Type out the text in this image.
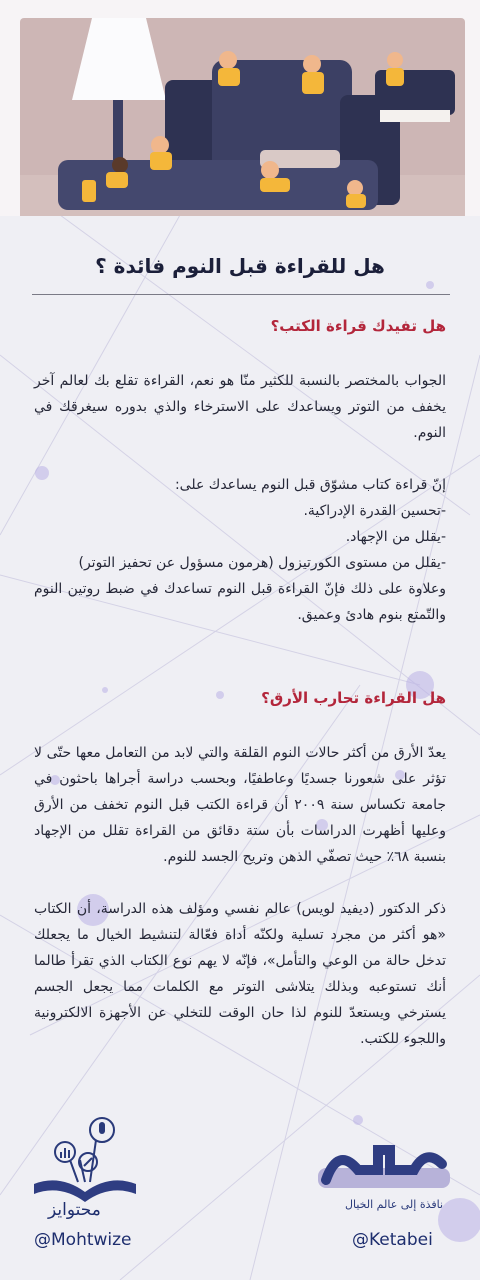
هل للقراءة قبل النوم فائدة ؟
هل تفيدك قراءة الكتب؟

الجواب بالمختصر بالنسبة للكثير منّا هو نعم، القراءة تقلع بك لعالم آخر يخفف من التوتر ويساعدك على الاسترخاء والذي بدوره سيغرقك في النوم.

إنّ قراءة كتاب مشوّق قبل النوم يساعدك على:

-تحسين القدرة الإدراكية.

-يقلل من الإجهاد.

-يقلل من مستوى الكورتيزول (هرمون مسؤول عن تحفيز التوتر)

وعلاوة على ذلك فإنّ القراءة قبل النوم تساعدك في ضبط روتين النوم والتّمتع بنوم هادئ وعميق.

هل القراءة تحارب الأرق؟

يعدّ الأرق من أكثر حالات النوم القلقة والتي لابد من التعامل معها حتّى لا تؤثر على شعورنا جسديًا وعاطفيًا، وبحسب دراسة أجراها باحثون في جامعة تكساس سنة ٢٠٠٩ أن قراءة الكتب قبل النوم تخفف من الأرق وعليها أظهرت الدراسات بأن ستة دقائق من القراءة تقلل من الإجهاد بنسبة ٦٨٪ حيث تصفّي الذهن وتريح الجسد للنوم.

ذكر الدكتور (ديفيد لويس) عالم نفسي ومؤلف هذه الدراسة، أن الكتاب «هو أكثر من مجرد تسلية ولكنّه أداة فعّالة لتنشيط الخيال ما يجعلك تدخل حالة من الوعي والتأمل»، فإنّه لا يهم نوع الكتاب الذي تقرأ طالما أنك تستوعبه وبذلك يتلاشى التوتر مع الكلمات مما يجعل الجسم يسترخي ويستعدّ للنوم لذا حان الوقت للتخلي عن الأجهزة الالكترونية واللجوء للكتب.

محتوايز
@Mohtwize
نافذة إلى عالم الخيال
@Ketabei
